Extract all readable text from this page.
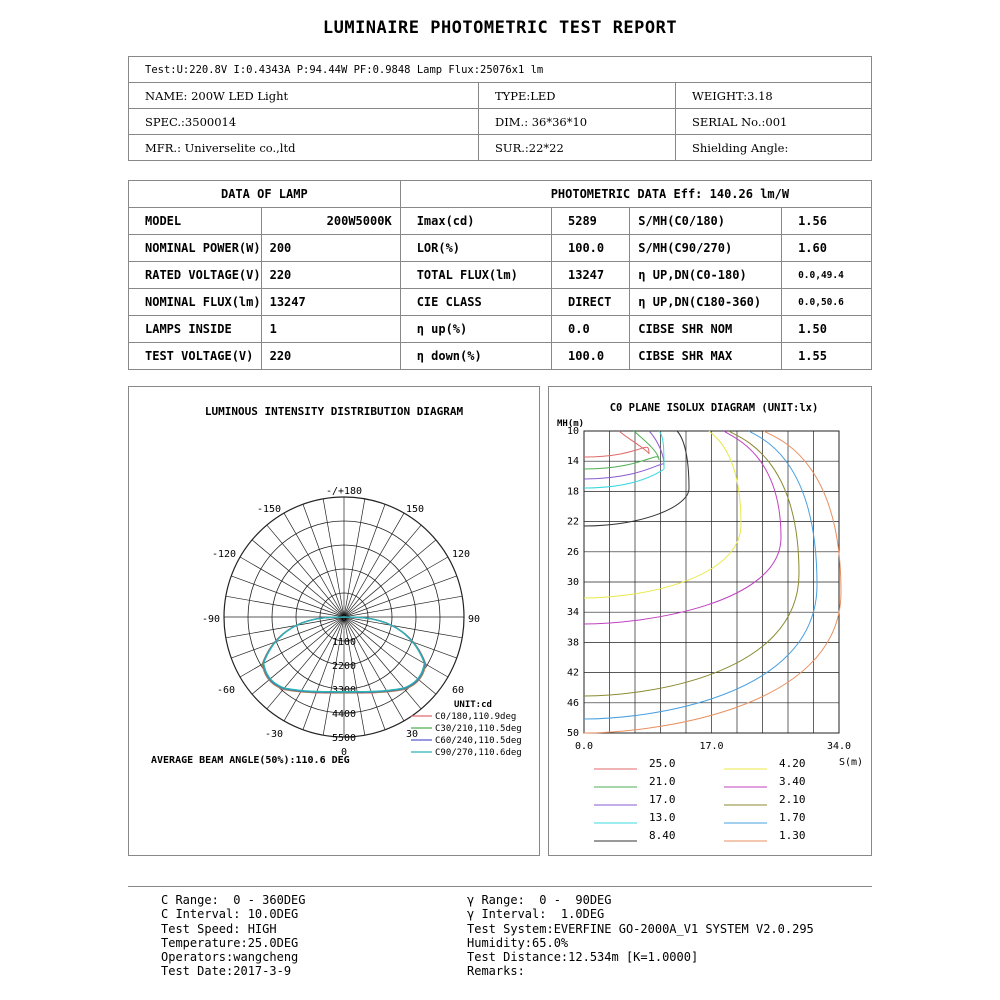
LUMINAIRE PHOTOMETRIC TEST REPORT
Test:U:220.8V I:0.4343A P:94.44W PF:0.9848 Lamp Flux:25076x1 lm		
NAME: 200W LED Light	TYPE:LED	WEIGHT:3.18
SPEC.:3500014	DIM.: 36*36*10	SERIAL No.:001
MFR.: Universelite co.,ltd	SUR.:22*22	Shielding Angle:
DATA OF LAMP		PHOTOMETRIC DATA Eff: 140.26 lm/W			
MODEL	200W5000K	Imax(cd)	5289	S/MH(C0/180)	1.56
NOMINAL POWER(W)	200	LOR(%)	100.0	S/MH(C90/270)	1.60
RATED VOLTAGE(V)	220	TOTAL FLUX(lm)	13247	η UP,DN(C0-180)	0.0,49.4
NOMINAL FLUX(lm)	13247	CIE CLASS	DIRECT	η UP,DN(C180-360)	0.0,50.6
LAMPS INSIDE	1	η up(%)	0.0	CIBSE SHR NOM	1.50
TEST VOLTAGE(V)	220	η down(%)	100.0	CIBSE SHR MAX	1.55
LUMINOUS INTENSITY DISTRIBUTION DIAGRAM
-/+180
-150	150
-120	120
-90	90
-60	60
-30	30
0
0
1100
2200
3300
4400
5500
UNIT:cd
C0/180,110.9deg
C30/210,110.5deg
C60/240,110.5deg
C90/270,110.6deg
AVERAGE BEAM ANGLE(50%):110.6 DEG
C0 PLANE ISOLUX DIAGRAM (UNIT:lx)
MH(m)
S(m)
10
14
18
22
26
30
34
38
42
46
50
0.0	17.0	34.0
25.0
21.0
17.0
13.0
8.40
4.20
3.40
2.10
1.70
1.30
C Range:  0 - 360DEG
C Interval: 10.0DEG
Test Speed: HIGH
Temperature:25.0DEG
Operators:wangcheng
Test Date:2017-3-9
γ Range:  0 -  90DEG
γ Interval:  1.0DEG
Test System:EVERFINE GO-2000A_V1 SYSTEM V2.0.295
Humidity:65.0%
Test Distance:12.534m [K=1.0000]
Remarks:
